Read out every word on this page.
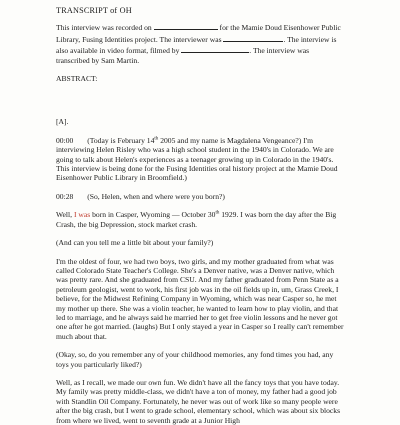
TRANSCRIPT of OH

This interview was recorded on	for the Mamie Doud Eisenhower Public Library, Fusing Identities project. The interviewer was	. The interview is also available in video format, filmed by	. The interview was transcribed by Sam Martin.

ABSTRACT:

[A].

00:00 (Today is February 14th 2005 and my name is Magdalena Vengeance?) I'm interviewing Helen Risley who was a high school student in the 1940's in Colorado. We are going to talk about Helen's experiences as a teenager growing up in Colorado in the 1940's. This interview is being done for the Fusing Identities oral history project at the Mamie Doud Eisenhower Public Library in Broomfield.)

00:28 (So, Helen, when and where were you born?)

Well, I was born in Casper, Wyoming — October 30th 1929. I was born the day after the Big Crash, the big Depression, stock market crash.

(And can you tell me a little bit about your family?)

I'm the oldest of four, we had two boys, two girls, and my mother graduated from what was called Colorado State Teacher's College. She's a Denver native, was a Denver native, which was pretty rare. And she graduated from CSU. And my father graduated from Penn State as a petroleum geologist, went to work, his first job was in the oil fields up in, um, Grass Creek, I believe, for the Midwest Refining Company in Wyoming, which was near Casper so, he met my mother up there. She was a violin teacher, he wanted to learn how to play violin, and that led to marriage, and he always said he married her to get free violin lessons and he never got one after he got married. (laughs) But I only stayed a year in Casper so I really can't remember much about that.

(Okay, so, do you remember any of your childhood memories, any fond times you had, any toys you particularly liked?)

Well, as I recall, we made our own fun. We didn't have all the fancy toys that you have today. My family was pretty middle-class, we didn't have a ton of money, my father had a good job with Standlin Oil Company. Fortunately, he never was out of work like so many people were after the big crash, but I went to grade school, elementary school, which was about six blocks from where we lived, went to seventh grade at a Junior High
